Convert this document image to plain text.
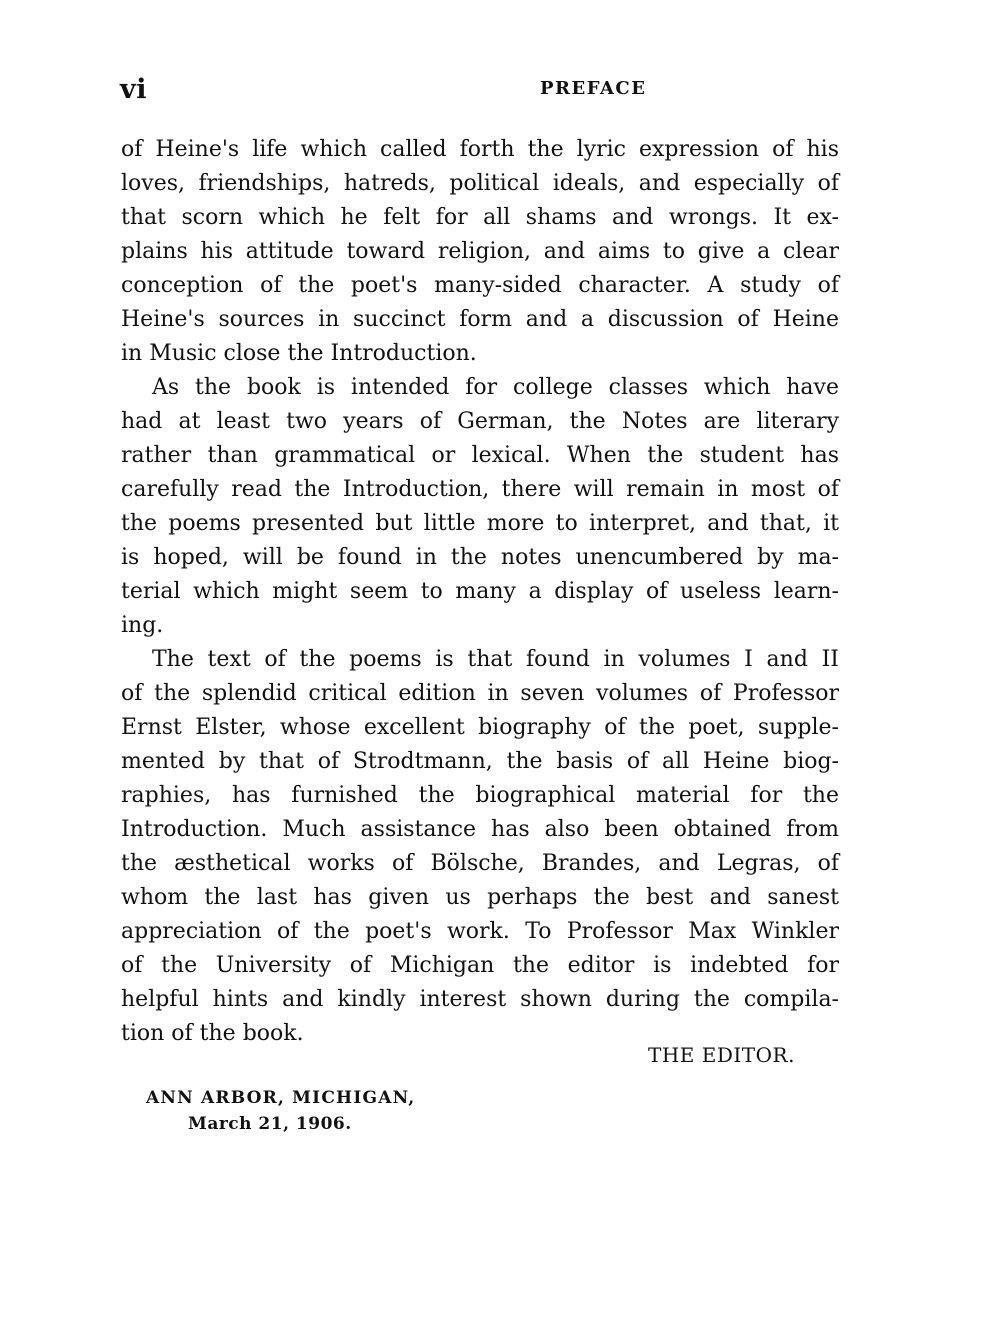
vi	PREFACE
of Heine's life which called forth the lyric expression of his
loves, friendships, hatreds, political ideals, and especially of
that scorn which he felt for all shams and wrongs. It ex-
plains his attitude toward religion, and aims to give a clear
conception of the poet's many-sided character. A study of
Heine's sources in succinct form and a discussion of Heine
in Music close the Introduction.
As the book is intended for college classes which have
had at least two years of German, the Notes are literary
rather than grammatical or lexical. When the student has
carefully read the Introduction, there will remain in most of
the poems presented but little more to interpret, and that, it
is hoped, will be found in the notes unencumbered by ma-
terial which might seem to many a display of useless learn-
ing.
The text of the poems is that found in volumes I and II
of the splendid critical edition in seven volumes of Professor
Ernst Elster, whose excellent biography of the poet, supple-
mented by that of Strodtmann, the basis of all Heine biog-
raphies, has furnished the biographical material for the
Introduction. Much assistance has also been obtained from
the æsthetical works of Bölsche, Brandes, and Legras, of
whom the last has given us perhaps the best and sanest
appreciation of the poet's work. To Professor Max Winkler
of the University of Michigan the editor is indebted for
helpful hints and kindly interest shown during the compila-
tion of the book.
THE EDITOR.
ANN ARBOR, MICHIGAN,
March 21, 1906.
